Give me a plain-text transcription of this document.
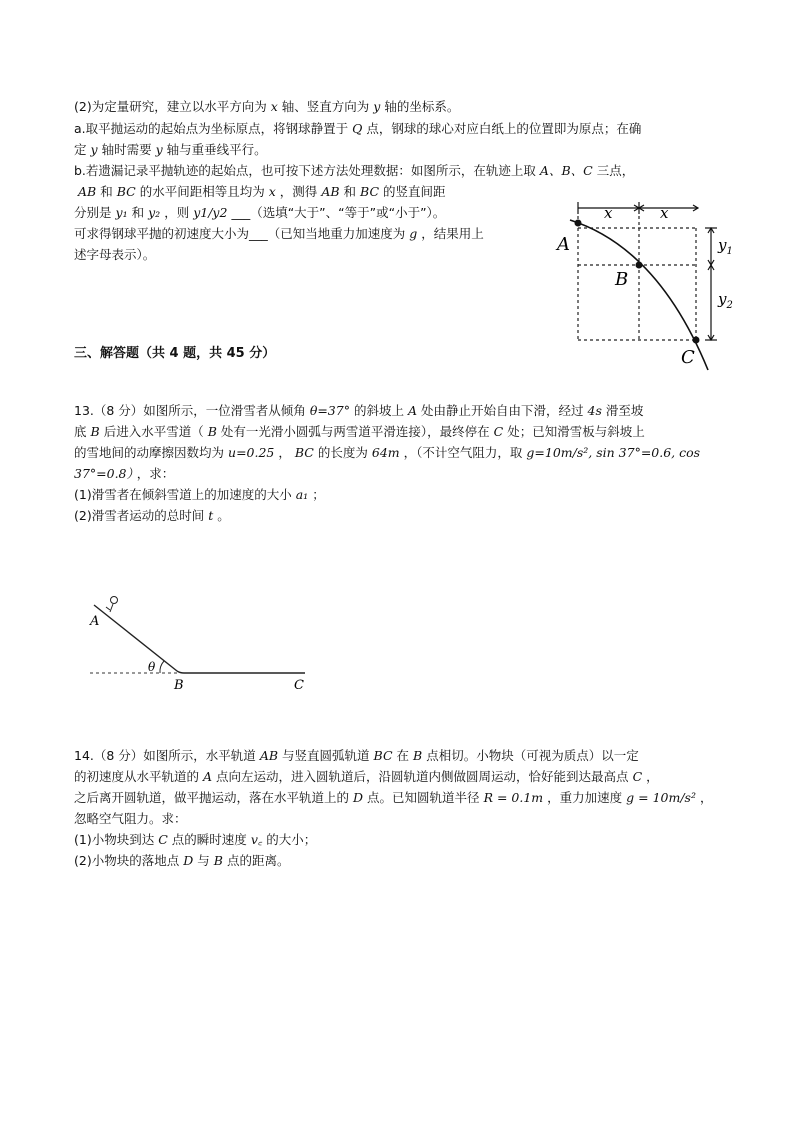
(2)为定量研究，建立以水平方向为 x 轴、竖直方向为 y 轴的坐标系。
a.取平抛运动的起始点为坐标原点，将钢球静置于 Q 点，钢球的球心对应白纸上的位置即为原点；在确
定 y 轴时需要 y 轴与重垂线平行。
b.若遗漏记录平抛轨迹的起始点，也可按下述方法处理数据：如图所示，在轨迹上取 A、B、C 三点，
AB 和 BC 的水平间距相等且均为 x ，测得 AB 和 BC 的竖直间距
分别是 y₁ 和 y₂ ，则 y1/y2 ___（选填“大于”、“等于”或“小于”）。
可求得钢球平抛的初速度大小为___（已知当地重力加速度为 g ，结果用上
述字母表示）。
x	x
$y_1$
$y_2$
A
B
C
三、解答题（共 4 题，共 45 分）
13.（8 分）如图所示，一位滑雪者从倾角 θ=37° 的斜坡上 A 处由静止开始自由下滑，经过 4s 滑至坡
底 B 后进入水平雪道（ B 处有一光滑小圆弧与两雪道平滑连接），最终停在 C 处；已知滑雪板与斜坡上
的雪地间的动摩擦因数均为 u=0.25 ， BC 的长度为 64m ，（不计空气阻力，取 g=10m/s², sin 37°=0.6, cos
37°=0.8） ，求：
(1)滑雪者在倾斜雪道上的加速度的大小 a₁ ；
(2)滑雪者运动的总时间 t 。
A
θ
B	C
14.（8 分）如图所示，水平轨道 AB 与竖直圆弧轨道 BC 在 B 点相切。小物块（可视为质点）以一定
的初速度从水平轨道的 A 点向左运动，进入圆轨道后，沿圆轨道内侧做圆周运动，恰好能到达最高点 C ，
之后离开圆轨道，做平抛运动，落在水平轨道上的 D 点。已知圆轨道半径 R = 0.1m ，重力加速度 g = 10m/s² ，
忽略空气阻力。求：
(1)小物块到达 C 点的瞬时速度 v꜀ 的大小；
(2)小物块的落地点 D 与 B 点的距离。
